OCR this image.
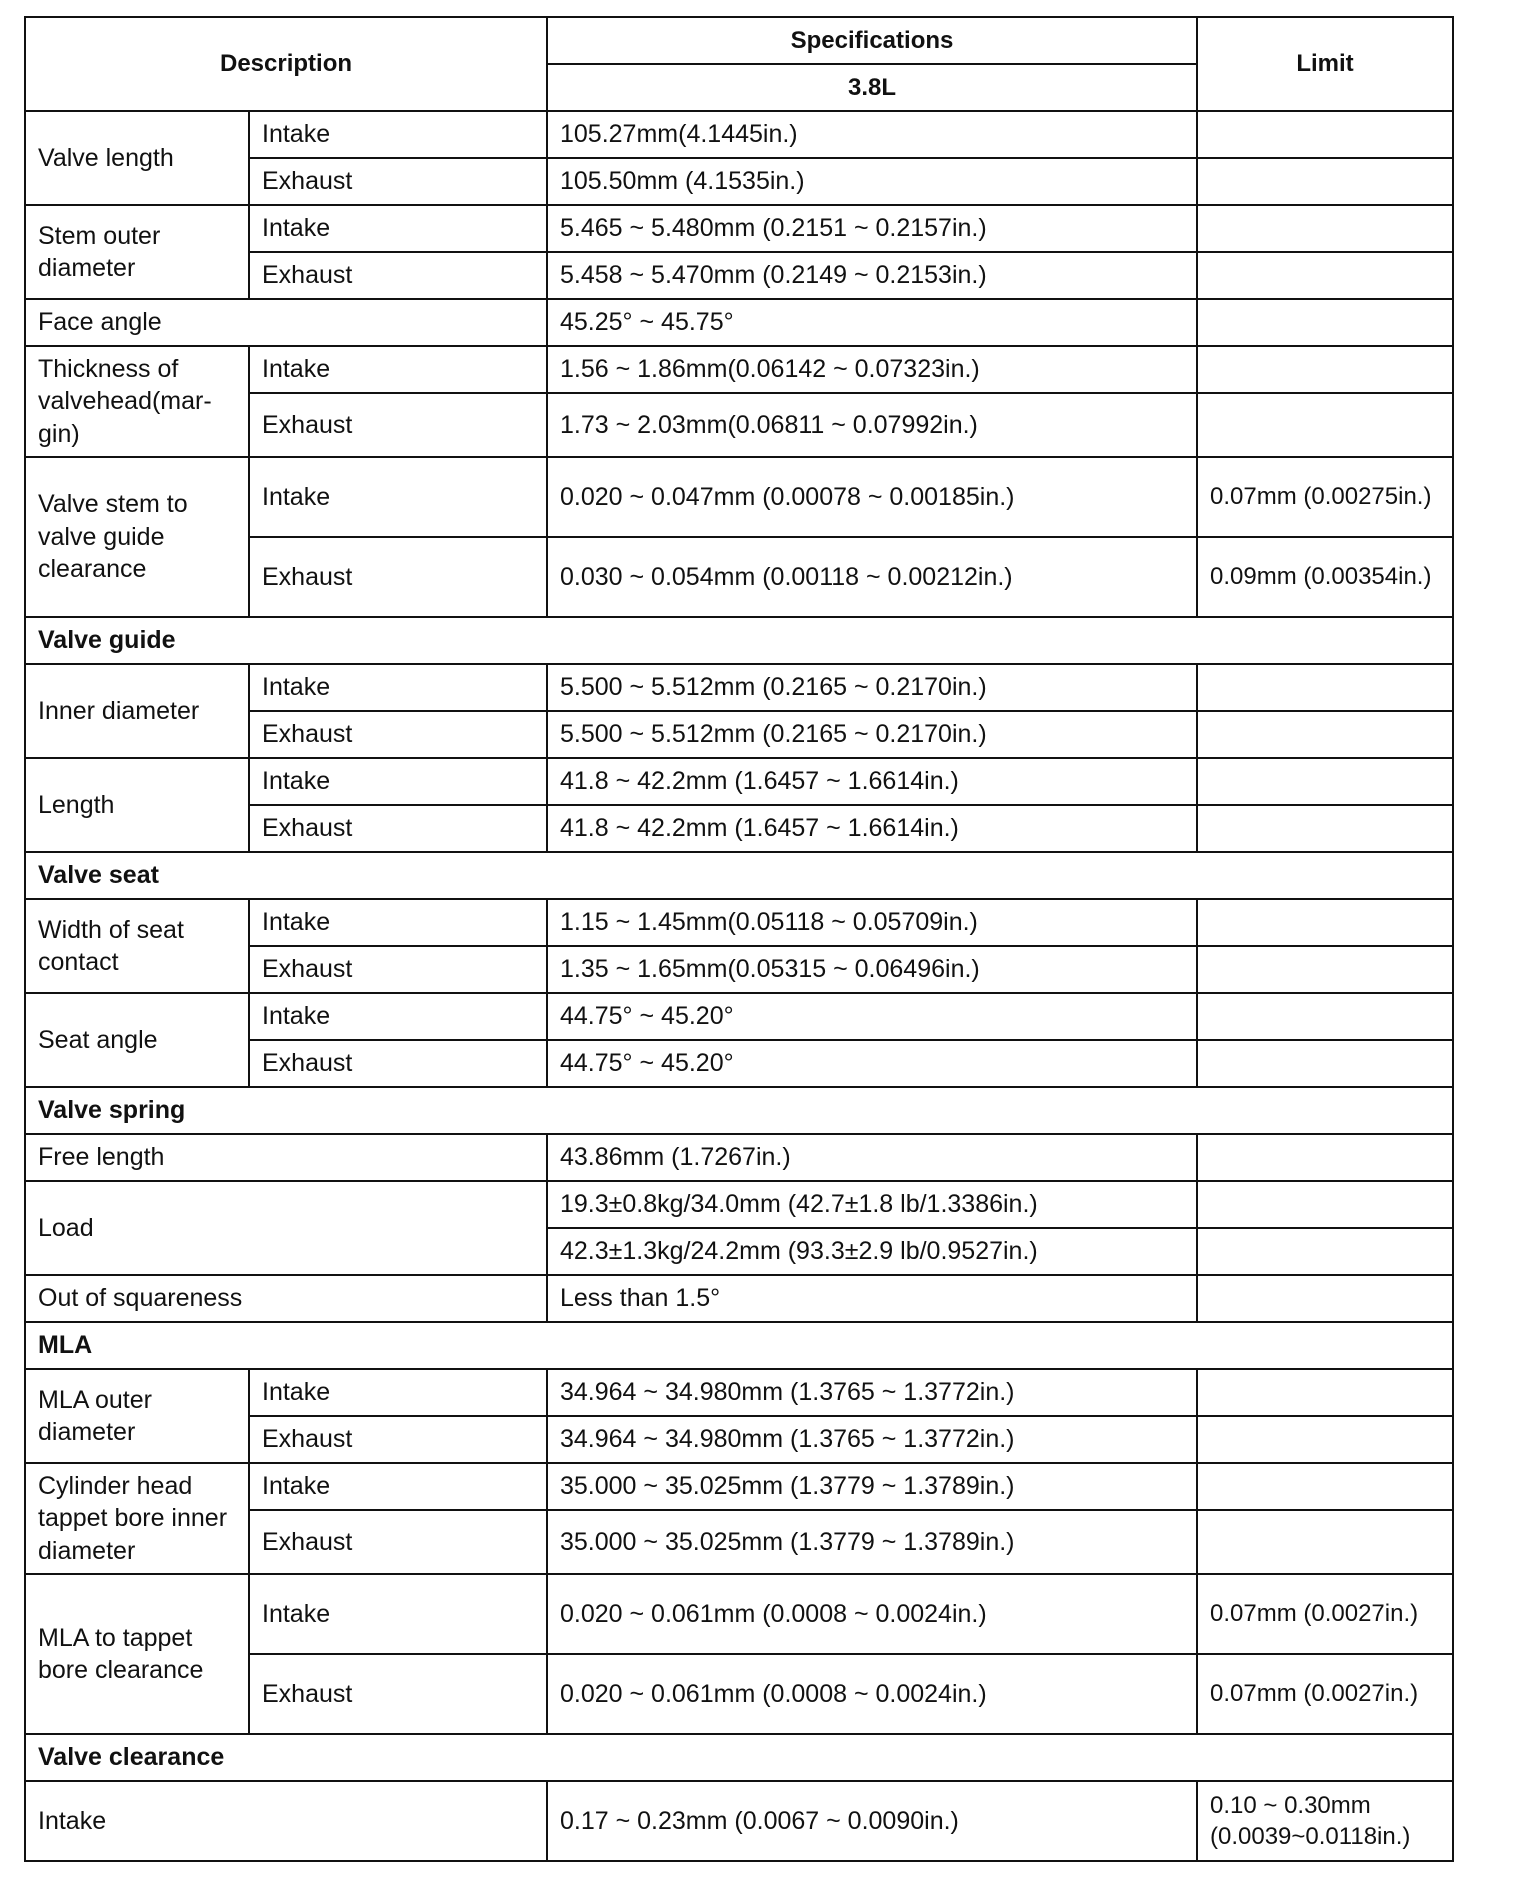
Description		Specifications	Limit
		3.8L	
Valve length	Intake	105.27mm(4.1445in.)	
	Exhaust	105.50mm (4.1535in.)	
Stem outer diameter	Intake	5.465 ~ 5.480mm (0.2151 ~ 0.2157in.)	
	Exhaust	5.458 ~ 5.470mm (0.2149 ~ 0.2153in.)	
Face angle		45.25° ~ 45.75°	
Thickness of valvehead(mar-gin)	Intake	1.56 ~ 1.86mm(0.06142 ~ 0.07323in.)	
	Exhaust	1.73 ~ 2.03mm(0.06811 ~ 0.07992in.)	
Valve stem to valve guide clearance	Intake	0.020 ~ 0.047mm (0.00078 ~ 0.00185in.)	0.07mm (0.00275in.)
	Exhaust	0.030 ~ 0.054mm (0.00118 ~ 0.00212in.)	0.09mm (0.00354in.)
Valve guide			
Inner diameter	Intake	5.500 ~ 5.512mm (0.2165 ~ 0.2170in.)	
	Exhaust	5.500 ~ 5.512mm (0.2165 ~ 0.2170in.)	
Length	Intake	41.8 ~ 42.2mm (1.6457 ~ 1.6614in.)	
	Exhaust	41.8 ~ 42.2mm (1.6457 ~ 1.6614in.)	
Valve seat			
Width of seat contact	Intake	1.15 ~ 1.45mm(0.05118 ~ 0.05709in.)	
	Exhaust	1.35 ~ 1.65mm(0.05315 ~ 0.06496in.)	
Seat angle	Intake	44.75° ~ 45.20°	
	Exhaust	44.75° ~ 45.20°	
Valve spring			
Free length		43.86mm (1.7267in.)	
Load		19.3±0.8kg/34.0mm (42.7±1.8 lb/1.3386in.)	
		42.3±1.3kg/24.2mm (93.3±2.9 lb/0.9527in.)	
Out of squareness		Less than 1.5°	
MLA			
MLA outer diameter	Intake	34.964 ~ 34.980mm (1.3765 ~ 1.3772in.)	
	Exhaust	34.964 ~ 34.980mm (1.3765 ~ 1.3772in.)	
Cylinder head tappet bore inner diameter	Intake	35.000 ~ 35.025mm (1.3779 ~ 1.3789in.)	
	Exhaust	35.000 ~ 35.025mm (1.3779 ~ 1.3789in.)	
MLA to tappet bore clearance	Intake	0.020 ~ 0.061mm (0.0008 ~ 0.0024in.)	0.07mm (0.0027in.)
	Exhaust	0.020 ~ 0.061mm (0.0008 ~ 0.0024in.)	0.07mm (0.0027in.)
Valve clearance			
Intake		0.17 ~ 0.23mm (0.0067 ~ 0.0090in.)	0.10 ~ 0.30mm (0.0039~0.0118in.)
